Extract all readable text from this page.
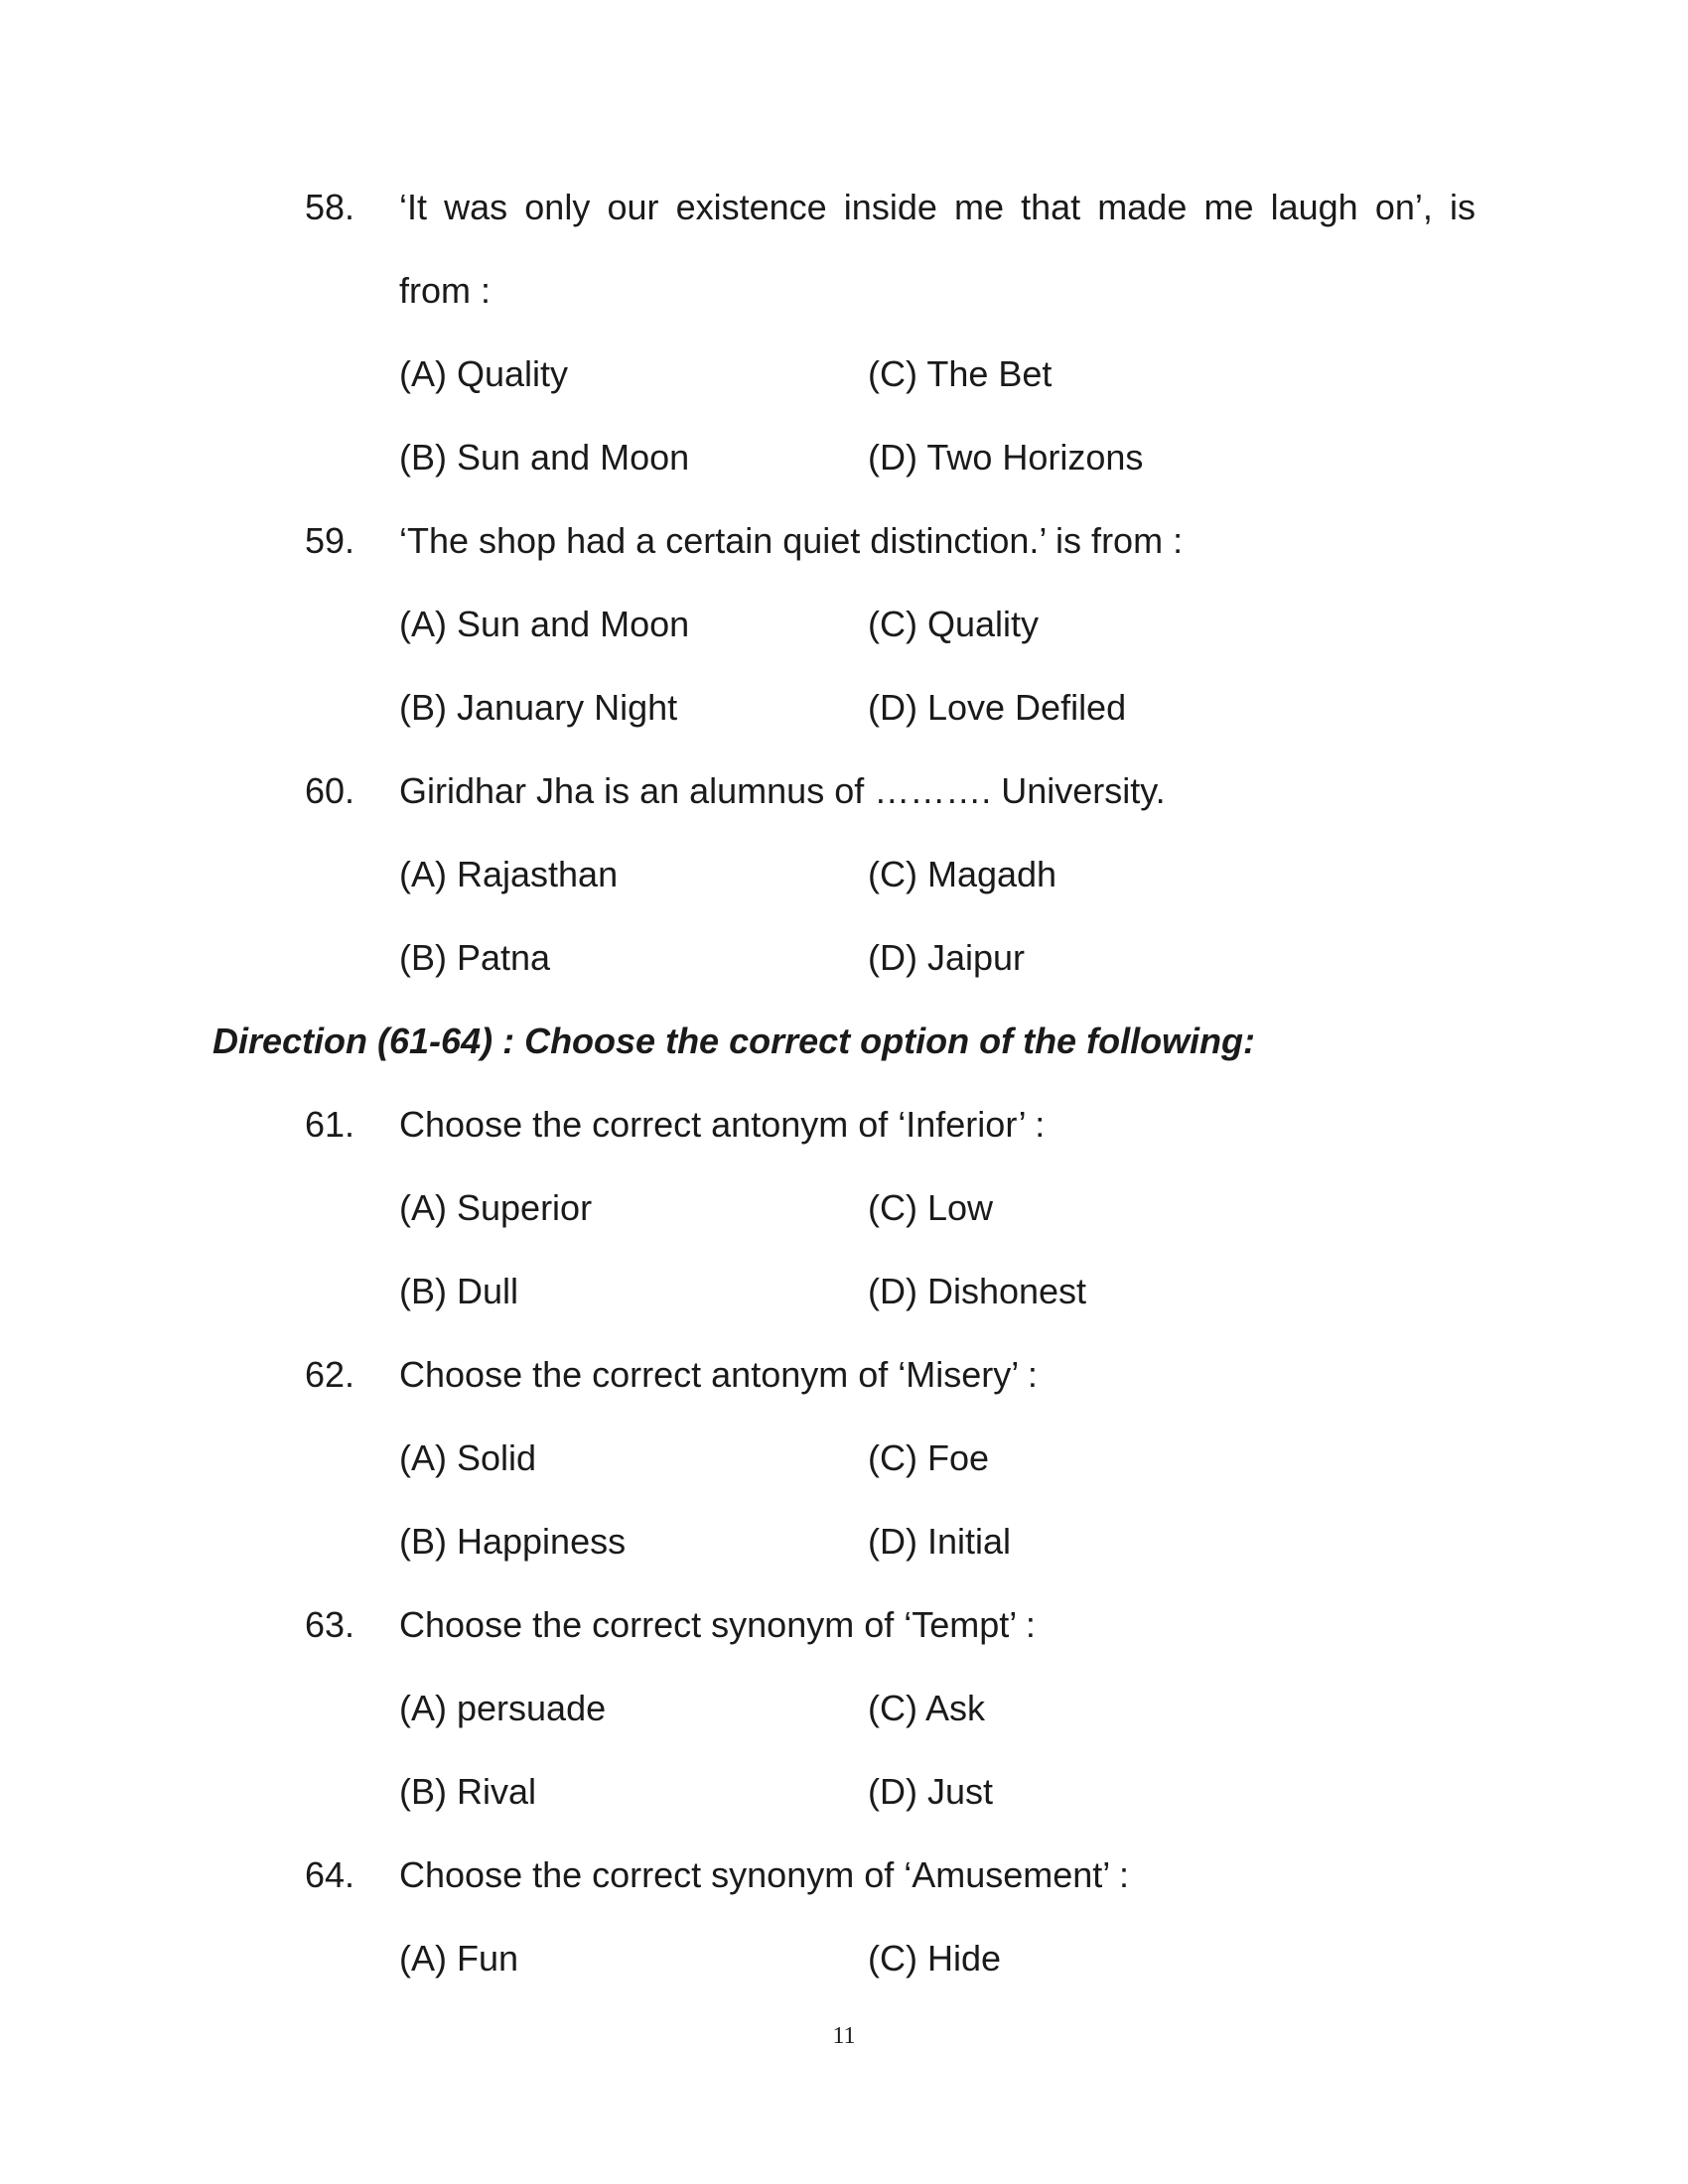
58. ‘It was only our existence inside me that made me laugh on’, is
from :
(A) Quality	(C) The Bet
(B) Sun and Moon	(D) Two Horizons
59. ‘The shop had a certain quiet distinction.’ is from :
(A) Sun and Moon	(C) Quality
(B) January Night	(D) Love Defiled
60. Giridhar Jha is an alumnus of ………. University.
(A) Rajasthan	(C) Magadh
(B) Patna	(D) Jaipur
Direction (61-64) : Choose the correct option of the following:
61. Choose the correct antonym of ‘Inferior’ :
(A) Superior	(C) Low
(B) Dull	(D) Dishonest
62. Choose the correct antonym of ‘Misery’ :
(A) Solid	(C) Foe
(B) Happiness	(D) Initial
63. Choose the correct synonym of ‘Tempt’ :
(A) persuade	(C) Ask
(B) Rival	(D) Just
64. Choose the correct synonym of ‘Amusement’ :
(A) Fun	(C) Hide
11
